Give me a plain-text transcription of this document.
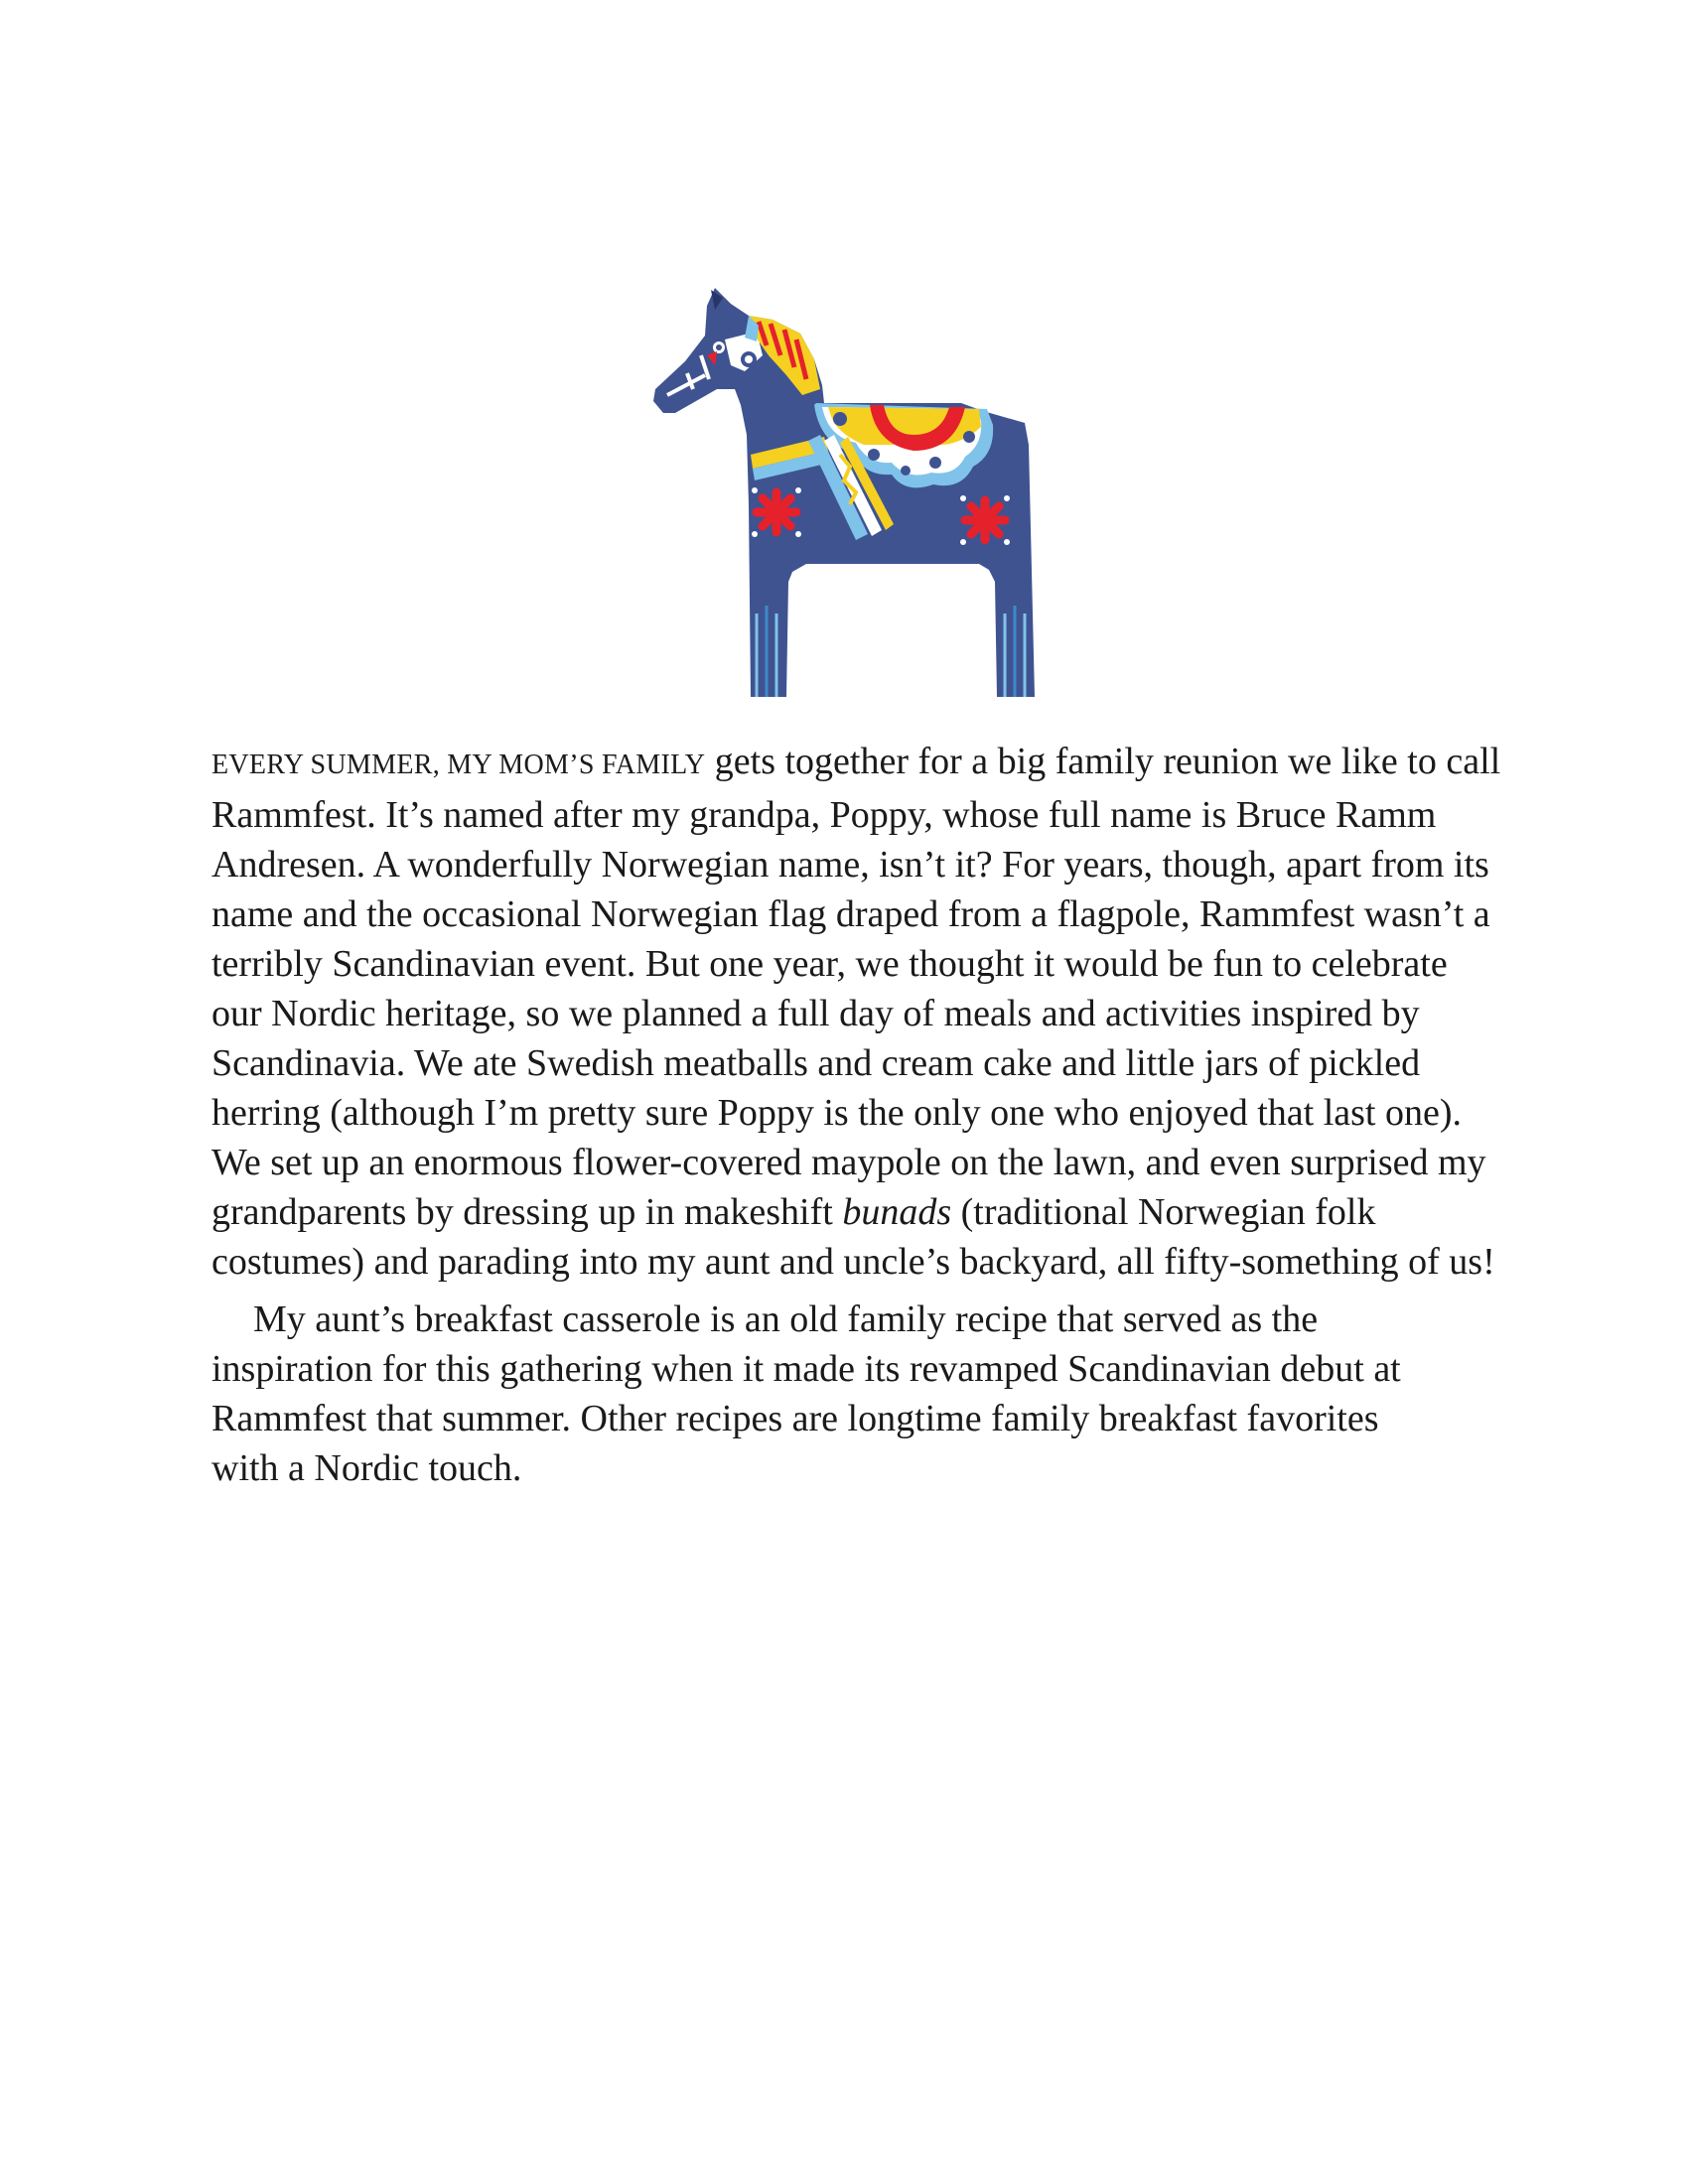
EVERY SUMMER, MY MOM’S FAMILY gets together for a big family reunion we like to call Rammfest. It’s named after my grandpa, Poppy, whose full name is Bruce Ramm Andresen. A wonderfully Norwegian name, isn’t it? For years, though, apart from its name and the occasional Norwegian flag draped from a flagpole, Rammfest wasn’t a terribly Scandinavian event. But one year, we thought it would be fun to celebrate our Nordic heritage, so we planned a full day of meals and activities inspired by Scandinavia. We ate Swedish meatballs and cream cake and little jars of pickled herring (although I’m pretty sure Poppy is the only one who enjoyed that last one). We set up an enormous flower-covered maypole on the lawn, and even surprised my grandparents by dressing up in makeshift bunads (traditional Norwegian folk costumes) and parading into my aunt and uncle’s backyard, all fifty-something of us!

My aunt’s breakfast casserole is an old family recipe that served as the inspiration for this gathering when it made its revamped Scandinavian debut at Rammfest that summer. Other recipes are longtime family breakfast favorites with a Nordic touch.
